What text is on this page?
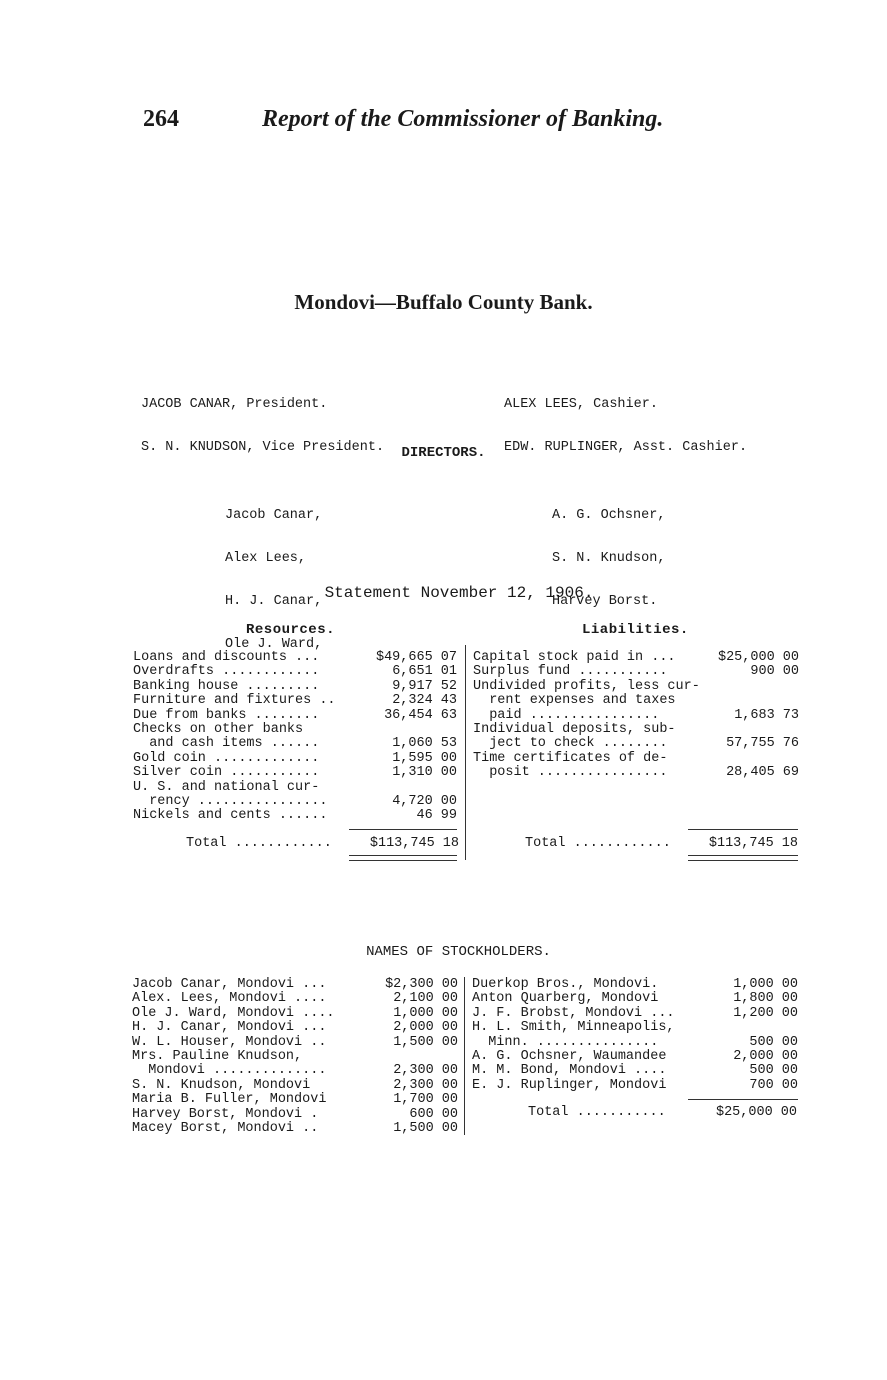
264	Report of the Commissioner of Banking.
Mondovi—Buffalo County Bank.

JACOB CANAR, President.

S. N. KNUDSON, Vice President.

ALEX LEES, Cashier.

EDW. RUPLINGER, Asst. Cashier.

DIRECTORS.

Jacob Canar,

Alex Lees,

H. J. Canar,

Ole J. Ward,

A. G. Ochsner,

S. N. Knudson,

Harvey Borst.

Statement November 12, 1906.
Resources.	Liabilities.
Loans and discounts ...	$49,665 07
Overdrafts ............	6,651 01
Banking house .........	9,917 52
Furniture and fixtures ..	2,324 43
Due from banks ........	36,454 63
Checks on other banks
and cash items ......	1,060 53
Gold coin .............	1,595 00
Silver coin ...........	1,310 00
U. S. and national cur-
rency ................	4,720 00
Nickels and cents ......	46 99
Capital stock paid in ...	$25,000 00
Surplus fund ...........	900 00
Undivided profits, less cur-
rent expenses and taxes
paid ................	1,683 73
Individual deposits, sub-
ject to check ........	57,755 76
Time certificates of de-
posit ................	28,405 69
Total ............	$113,745 18	Total ............	$113,745 18
NAMES OF STOCKHOLDERS.
Jacob Canar, Mondovi ...	$2,300 00
Alex. Lees, Mondovi ....	2,100 00
Ole J. Ward, Mondovi ....	1,000 00
H. J. Canar, Mondovi ...	2,000 00
W. L. Houser, Mondovi ..	1,500 00
Mrs. Pauline Knudson,
Mondovi ..............	2,300 00
S. N. Knudson, Mondovi	2,300 00
Maria B. Fuller, Mondovi	1,700 00
Harvey Borst, Mondovi .	600 00
Macey Borst, Mondovi ..	1,500 00
Duerkop Bros., Mondovi.	1,000 00
Anton Quarberg, Mondovi	1,800 00
J. F. Brobst, Mondovi ...	1,200 00
H. L. Smith, Minneapolis,
Minn. ...............	500 00
A. G. Ochsner, Waumandee	2,000 00
M. M. Bond, Mondovi ....	500 00
E. J. Ruplinger, Mondovi	700 00
Total ...........	$25,000 00
